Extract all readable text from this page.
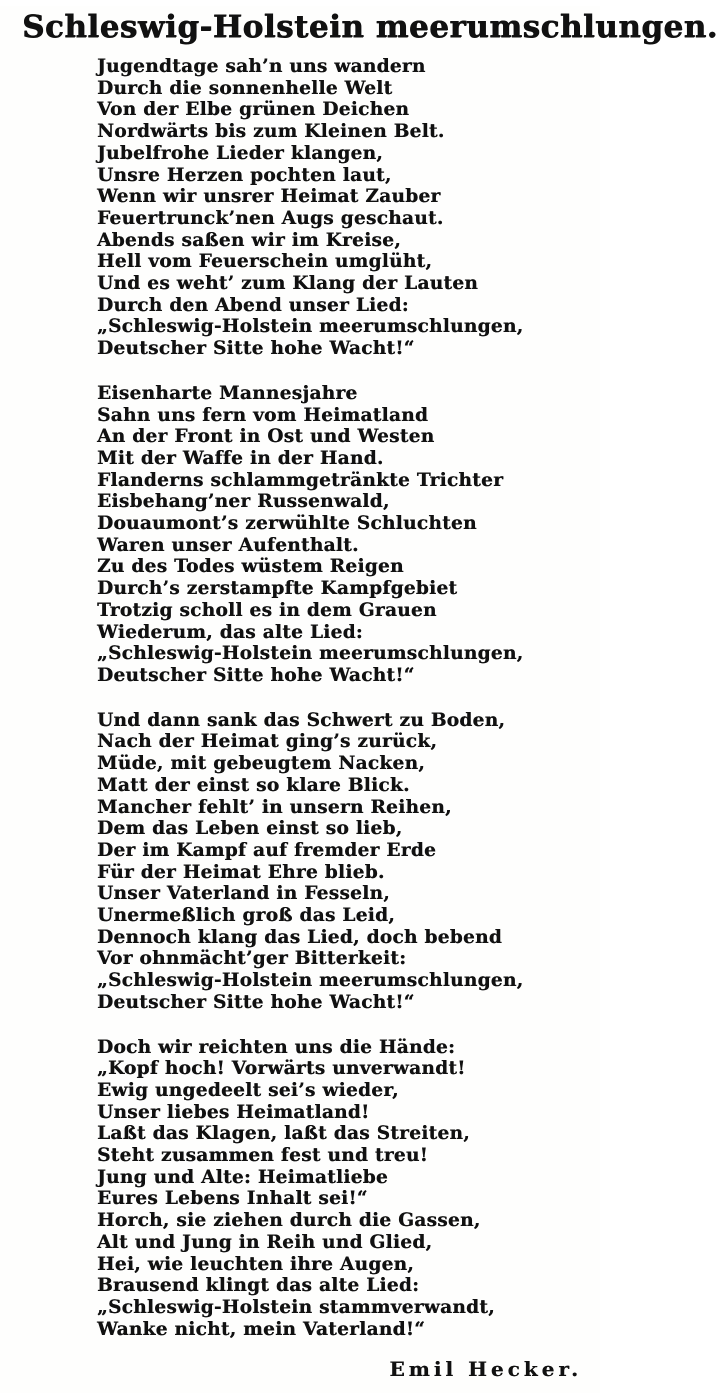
Schleswig-Holstein meerumschlungen.

Jugendtage sah’n uns wandern

Durch die sonnenhelle Welt

Von der Elbe grünen Deichen

Nordwärts bis zum Kleinen Belt.

Jubelfrohe Lieder klangen,

Unsre Herzen pochten laut,

Wenn wir unsrer Heimat Zauber

Feuertrunck’nen Augs geschaut.

Abends saßen wir im Kreise,

Hell vom Feuerschein umglüht,

Und es weht’ zum Klang der Lauten

Durch den Abend unser Lied:

„Schleswig-Holstein meerumschlungen,

Deutscher Sitte hohe Wacht!“

Eisenharte Mannesjahre

Sahn uns fern vom Heimatland

An der Front in Ost und Westen

Mit der Waffe in der Hand.

Flanderns schlammgetränkte Trichter

Eisbehang’ner Russenwald,

Douaumont’s zerwühlte Schluchten

Waren unser Aufenthalt.

Zu des Todes wüstem Reigen

Durch’s zerstampfte Kampfgebiet

Trotzig scholl es in dem Grauen

Wiederum, das alte Lied:

„Schleswig-Holstein meerumschlungen,

Deutscher Sitte hohe Wacht!“

Und dann sank das Schwert zu Boden,

Nach der Heimat ging’s zurück,

Müde, mit gebeugtem Nacken,

Matt der einst so klare Blick.

Mancher fehlt’ in unsern Reihen,

Dem das Leben einst so lieb,

Der im Kampf auf fremder Erde

Für der Heimat Ehre blieb.

Unser Vaterland in Fesseln,

Unermeßlich groß das Leid,

Dennoch klang das Lied, doch bebend

Vor ohnmächt’ger Bitterkeit:

„Schleswig-Holstein meerumschlungen,

Deutscher Sitte hohe Wacht!“

Doch wir reichten uns die Hände:

„Kopf hoch! Vorwärts unverwandt!

Ewig ungedeelt sei’s wieder,

Unser liebes Heimatland!

Laßt das Klagen, laßt das Streiten,

Steht zusammen fest und treu!

Jung und Alte: Heimatliebe

Eures Lebens Inhalt sei!“

Horch, sie ziehen durch die Gassen,

Alt und Jung in Reih und Glied,

Hei, wie leuchten ihre Augen,

Brausend klingt das alte Lied:

„Schleswig-Holstein stammverwandt,

Wanke nicht, mein Vaterland!“

Emil Hecker.
